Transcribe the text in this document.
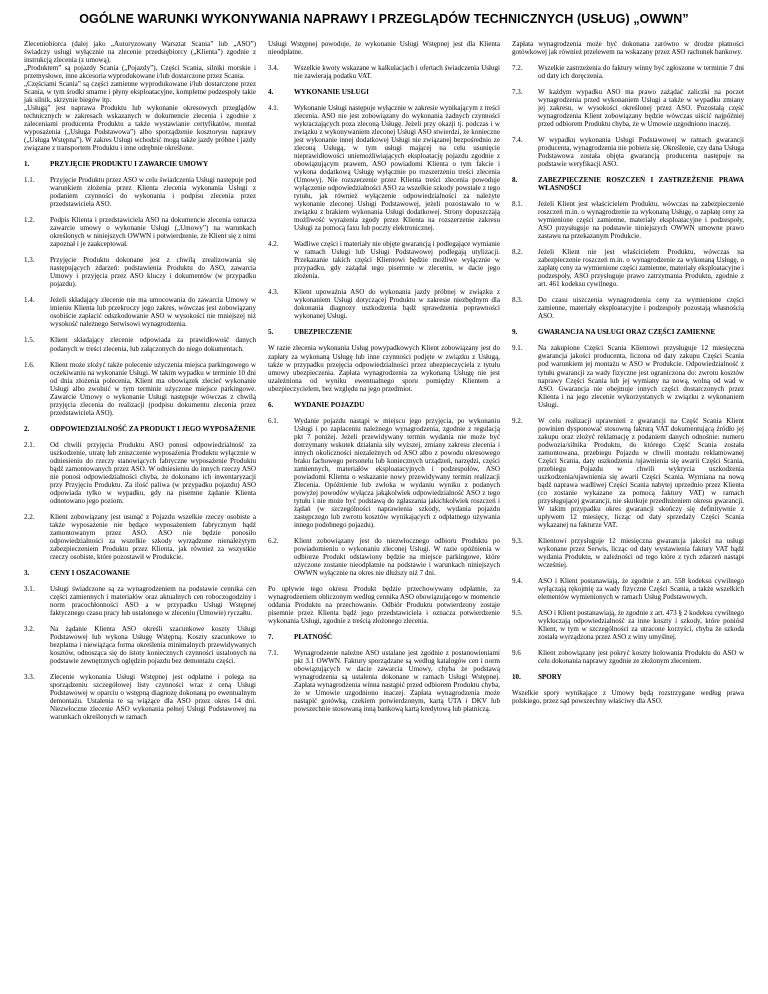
OGÓLNE WARUNKI WYKONYWANIA NAPRAWY I PRZEGLĄDÓW TECHNICZNYCH (USŁUG) „OWWN”
Zleceniobiorca (dalej jako „Autoryzowany Warsztat Scania” lub „ASO”) świadczy usługi wyłącznie na zlecenie przedsiębiorcy („Klienta”) zgodnie z instrukcją zlecenia (z umową).
„Produktem” są pojazdy Scania („Pojazdy”), Części Scania, silniki morskie i przemysłowe, inne akcesoria wyprodukowane i/lub dostarczone przez Scania.
„Częściami Scania” są części zamienne wyprodukowane i/lub dostarczone przez Scania, w tym środki smarne i płyny eksploatacyjne, kompletne podzespoły takie jak silnik, skrzynie biegów itp.
„Usługą” jest naprawa Produktu lub wykonanie okresowych przeglądów technicznych w zakresach wskazanych w dokumencie zlecenia i zgodnie z zaleceniami producenta Produktu a także wystawianie certyfikatów, montaż wyposażenia („Usługa Podstawowa”) albo sporządzenie kosztorysu naprawy („Usługa Wstępna”). W zakres Usługi wchodzić mogą także jazdy próbne i jazdy związane z transportem Produktu i inne odrębnie określone.
1.	PRZYJĘCIE PRODUKTU I ZAWARCIE UMOWY
1.1.	Przyjęcie Produktu przez ASO w celu świadczenia Usługi następuje pod warunkiem złożenia przez Klienta zlecenia wykonania Usługi z podaniem czynności do wykonania i podpisu zlecenia przez przedstawiciela ASO.
1.2.	Podpis Klienta i przedstawiciela ASO na dokumencie zlecenia oznacza zawarcie umowy o wykonanie Usługi („Umowy”) na warunkach określonych w niniejszych OWWN i potwierdzenie, że Klient się z nimi zapoznał i je zaakceptował.
1.3.	Przyjęcie Produktu dokonane jest z chwilą zrealizowania się następujących zdarzeń: podstawienia Produktu do ASO, zawarcia Umowy i przyjęcia przez ASO kluczy i dokumentów (w przypadku pojazdu).
1.4.	Jeżeli składający zlecenie nie ma umocowania do zawarcia Umowy w imieniu Klienta lub przekroczy jego zakres, wówczas jest zobowiązany osobiście zapłacić odszkodowanie ASO w wysokości nie mniejszej niż wysokość należnego Serwisowi wynagrodzenia.
1.5.	Klient składający zlecenie odpowiada za prawidłowość danych podanych w treści zlecenia, lub załączonych do niego dokumentach.
1.6.	Klient może złożyć także polecenie użyczenia miejsca parkingowego w oczekiwaniu na wykonanie Usługi. W takim wypadku w terminie 10 dni od dnia złożenia polecenia, Klient ma obowiązek zlecieć wykonanie Usługi albo zwolnić w tym terminie użyczone miejsce parkingowe. Zawarcie Umowy o wykonanie Usługi następuje wówczas z chwilą przyjęcia zlecenia do realizacji (podpisu dokumentu zlecenia przez przedstawiciela ASO).
2.	ODPOWIEDZIALNOŚĆ ZA PRODUKT I JEGO WYPOSAŻENIE
2.1.	Od chwili przyjęcia Produktu ASO ponosi odpowiedzialność za uszkodzenie, utratę lub zniszczenie wyposażenia Produktu wyłącznie w odniesieniu do rzeczy stanowiących fabryczne wyposażenie Produktu bądź zamontowanych przez ASO. W odniesieniu do innych rzeczy ASO nie ponosi odpowiedzialności chyba, że dokonano ich inwentaryzacji przy Przyjęciu Produktu. Za ilość paliwa (w przypadku pojazdu) ASO odpowiada tylko w wypadku, gdy na pisemne żądanie Klienta odnotowano jego poziom.
2.2.	Klient zobowiązany jest usunąć z Pojazdu wszelkie rzeczy osobiste a także wyposażenie nie będące wyposażeniem fabrycznym bądź zamontowanym przez ASO. ASO nie będzie ponosiło odpowiedzialności za wszelkie szkody wyrządzone nienależytym zabezpieczeniem Produktu przez Klienta, jak również za wszystkie rzeczy osobiste, które pozostawił w Produkcie.
3.	CENY I OSZACOWANIE
3.1.	Usługi świadczone są za wynagrodzeniem na podstawie cennika cen części zamiennych i materiałów oraz aktualnych cen roboczogodziny i norm pracochłonności ASO a w przypadku Usługi Wstępnej faktycznego czasu pracy lub ustalonego w zleceniu (Umowie) ryczałtu.
3.2.	Na żądanie Klienta ASO określi szacunkowe koszty Usługi Podstawowej lub wykona Usługę Wstępną. Koszty szacunkowe to bezpłatna i niewiążąca forma określenia minimalnych przewidywanych kosztów, odnosząca się do istoty koniecznych czynności ustalonych na podstawie zewnętrznych oględzin pojazdu bez demontażu części.
3.3.	Zlecenie wykonania Usługi Wstępnej jest odpłatne i polega na sporządzeniu szczegółowej listy czynności wraz z ceną Usługi Podstawowej w oparciu o wstępną diagnozę dokonaną po ewentualnym demontażu. Ustalenia te są wiążące dla ASO przez okres 14 dni. Niezwłoczne zlecenie ASO wykonania pełnej Usługi Podstawowej na warunkach określonych w ramach
Usługi Wstępnej powoduje, że wykonanie Usługi Wstępnej jest dla Klienta nieodpłatne.
3.4.	Wszelkie kwoty wskazane w kalkulacjach i ofertach świadczenia Usługi nie zawierają podatku VAT.
4.	WYKONANIE USŁUGI
4.1.	Wykonanie Usługi następuje wyłącznie w zakresie wynikającym z treści zlecenia. ASO nie jest zobowiązany do wykonania żadnych czynności wykraczających poza zleconą Usługę. Jeżeli przy okazji tj. podczas i w związku z wykonywaniem zleconej Usługi ASO stwierdzi, że konieczne jest wykonanie innej dodatkowej Usługi nie związanej bezpośrednio ze zleconą Usługą, w tym usługi mającej na celu usunięcie nieprawidłowości uniemożliwiających eksploatację pojazdu zgodnie z obowiązującym prawem, ASO powiadomi Klienta o tym fakcie i wykona dodatkową Usługę wyłącznie po rozszerzeniu treści zlecenia (Umowy). Nie rozszerzenie przez Klienta treści zlecenia powoduje wyłączenie odpowiedzialności ASO za wszelkie szkody powstałe z tego tytułu, jak również wyłączenie odpowiedzialności za należyte wykonanie zleconej Usługi Podstawowej, jeżeli pozostawało to w związku z brakiem wykonania Usługi dodatkowej. Strony dopuszczają możliwość wyrażenia zgody przez Klienta na rozszerzenie zakresu Usługi za pomocą faxu lub poczty elektronicznej.
4.2.	Wadliwe części i materiały nie objęte gwarancją i podlegające wymianie w ramach Usługi lub Usługi Podstawowej podlegają utylizacji. Przekazanie takich części Klientowi będzie możliwe wyłącznie w przypadku, gdy zażądał tego pisemnie w zleceniu, w dacie jego złożenia.
4.3.	Klient upoważnia ASO do wykonania jazdy próbnej w związku z wykonaniem Usługi dotyczącej Produktu w zakresie niezbędnym dla dokonania diagnozy uszkodzenia bądź sprawdzenia poprawności wykonanej Usługi.
5.	UBEZPIECZENIE
W razie zlecenia wykonania Usług powypadkowych Klient zobowiązany jest do zapłaty za wykonaną Usługę lub inne czynności podjęte w związku z Usługą, także w przypadku przejęcia odpowiedzialności przez ubezpieczyciela z tytułu umowy ubezpieczenia. Zapłata wynagrodzenia za wykonaną Usługę nie jest uzależniona od wyniku ewentualnego sporu pomiędzy Klientem a ubezpieczycielem, bez względu na jego przedmiot.
6.	WYDANIE POJAZDU
6.1.	Wydanie pojazdu nastąpi w miejscu jego przyjęcia, po wykonaniu Usługi i po zapłaceniu należnego wynagrodzenia, zgodnie z regulacją pkt 7 poniżej. Jeżeli przewidywany termin wydania nie może być dotrzymany wskutek działania siły wyższej, zmiany zakresu zlecenia i innych okoliczności niezależnych od ASO albo z powodu okresowego braku fachowego personelu lub koniecznych urządzeń, narzędzi, części zamiennych, materiałów eksploatacyjnych i podzespołów, ASO powiadomi Klienta o wskazanie nowy przewidywany termin realizacji Zlecenia. Opóźnienie lub zwłoka w wydaniu wyniku z podanych powyżej powodów wyłącza jakąkolwiek odpowiedzialność ASO z tego tytułu i nie może być podstawą do zgłaszania jakichkolwiek roszczeń i żądań (w szczególności naprawienia szkody, wydania pojazdu zastępczego lub zwrotu kosztów wynikających z odpłatnego używania innego podobnego pojazdu).
6.2.	Klient zobowiązany jest do niezwłocznego odbioru Produktu po powiadomieniu o wykonaniu zleconej Usługi. W razie opóźnienia w odbiorze Produkt odstawiony będzie na miejsce parkingowe, które użyczone zostanie nieodpłatnie na podstawie i warunkach niniejszych OWWN wyłącznie na okres nie dłuższy niż 7 dni.
Po upływie tego okresu Produkt będzie przechowywany odpłatnie, za wynagrodzeniem obliczonym według cennika ASO obowiązującego w momencie oddania Produktu na przechowanie. Odbiór Produktu potwierdzony zostaje pisemnie przez Klienta bądź jego przedstawiciela i oznacza potwierdzenie wykonania Usługi, zgodnie z treścią złożonego zlecenia.
7.	PŁATNOŚĆ
7.1.	Wynagrodzenie należne ASO ustalane jest zgodnie z postanowieniami pkt 3.1 OWWN. Faktury sporządzane są według katalogów cen i norm obowiązujących w dacie zawarcia Umowy, chyba że podstawą wynagrodzenia są ustalenia dokonane w ramach Usługi Wstępnej. Zapłata wynagrodzenia winna nastąpić przed odbiorem Produktu chyba, że w Umowie uzgodniono inaczej. Zapłata wynagrodzenia może nastąpić gotówką, czekiem potwierdzonym, kartą UTA i DKV lub powszechnie stosowaną inną bankową kartą kredytową lub płatniczą.
Zapłata wynagrodzenia może być dokonana zarówno w drodze płatności gotówkowej jak również przelewem na wskazany przez ASO rachunek bankowy.
7.2.	Wszelkie zastrzeżenia do faktury winny być zgłoszone w terminie 7 dni od daty ich doręczenia.
7.3.	W każdym wypadku ASO ma prawo zażądać zaliczki na poczet wynagrodzenia przed wykonaniem Usługi a także w wypadku zmiany jej zakresu, w wysokości określonej przez ASO. Pozostałą część wynagrodzenia Klient zobowiązany będzie wówczas uiścić najpóźniej przed odbiorem Produktu chyba, że w Umowie uzgodniono inaczej.
7.4.	W wypadku wykonania Usługi Podstawowej w ramach gwarancji producenta, wynagrodzenia nie pobiera się. Określenie, czy dana Usługa Podstawowa została objęta gwarancją producenta następuje na podstawie weryfikacji ASO.
8.	ZABEZPIECZENIE ROSZCZEŃ I ZASTRZEŻENIE PRAWA WŁASNOŚCI
8.1.	Jeżeli Klient jest właścicielem Produktu, wówczas na zabezpieczenie roszczeń m.in. o wynagrodzenie za wykonaną Usługę, o zapłatę ceny za wymienione części zamienne, materiały eksploatacyjne i podzespoły, ASO przysługuje na podstawie niniejszych OWWN umowne prawo zastawu na przekazanym Produkcie.
8.2.	Jeżeli Klient nie jest właścicielem Produktu, wówczas na zabezpieczenie roszczeń m.in. o wynagrodzenie za wykonaną Usługę, o zapłatę ceny za wymienione części zamienne, materiały eksploatacyjne i podzespoły, ASO przysługuje prawo zatrzymania Produktu, zgodnie z art. 461 kodeksu cywilnego.
8.3.	Do czasu uiszczenia wynagrodzenia ceny za wymienione części zamienne, materiały eksploatacyjne i podzespoły pozostają własnością ASO.
9.	GWARANCJA NA USŁUGI ORAZ CZĘŚCI ZAMIENNE
9.1.	Na zakupione Części Scania Klientowi przysługuje 12 miesięczna gwarancja jakości producenta, liczona od daty zakupu Części Scania pod warunkiem jej montażu w ASO w Produkcie. Odpowiedzialność z tytułu gwarancji za wady fizyczne jest ograniczona do: zwrotu kosztów naprawy Części Scania lub jej wymiany na nową, wolną od wad w ASO. Gwarancja nie obejmuje innych części dostarczonych przez Klienta i na jego zlecenie wykorzystanych w związku z wykonaniem Usługi.
9.2.	W celu realizacji uprawnień z gwarancji na Część Scania Klient powinien dysponować stosowną fakturą VAT dokumentującą źródło jej zakupu oraz złożyć reklamację z podaniem danych odnośnie: numeru podwozia/silnika Produktu, do którego Część Scania została zamontowana, przebiegu Pojazdu w chwili montażu reklamowanej Części Scania, daty uszkodzenia /ujawnienia się awarii Części Scania, przebiegu Pojazdu w chwili wykrycia uszkodzenia uszkodzenia/ujawnienia się awarii Części Scania. Wymiana na nową bądź naprawa wadliwej Części Scania nabytej uprzednio przez Klienta (co zostanie wykazane za pomocą faktury VAT) w ramach przysługującej gwarancji, nie skutkuje przedłużeniem okresu gwarancji. W takim przypadku okres gwarancji skończy się definitywnie z upływem 12 miesięcy, licząc od daty sprzedaży Części Scania wykazanej na fakturze VAT.
9.3.	Klientowi przysługuje 12 miesięczna gwarancja jakości na usługi wykonane przez Serwis, licząc od daty wystawienia faktury VAT bądź wydania Produktu, w zależności od tego które z tych zdarzeń nastąpi wcześniej.
9.4.	ASO i Klient postanawiają, że zgodnie z art. 558 kodeksu cywilnego wyłączają rękojmię za wady fizyczne Części Scania, a także wszelkich elementów wymienionych w ramach Usług Podstawowych.
9.5.	ASO i Klient postanawiają, że zgodnie z art. 473 § 2 kodeksu cywilnego wykluczają odpowiedzialność za inne koszty i szkody, które poniósł Klient, w tym w szczególności za utracone korzyści, chyba że szkoda została wyrządzona przez ASO z winy umyślnej.
9.6	Klient zobowiązany jest pokryć koszty holowania Produktu do ASO w celu dokonania naprawy zgodnie ze złożonym zleceniem.
10.	SPORY
Wszelkie spory wynikające z Umowy będą rozstrzygane według prawa polskiego, przez sąd powszechny właściwy dla ASO.
